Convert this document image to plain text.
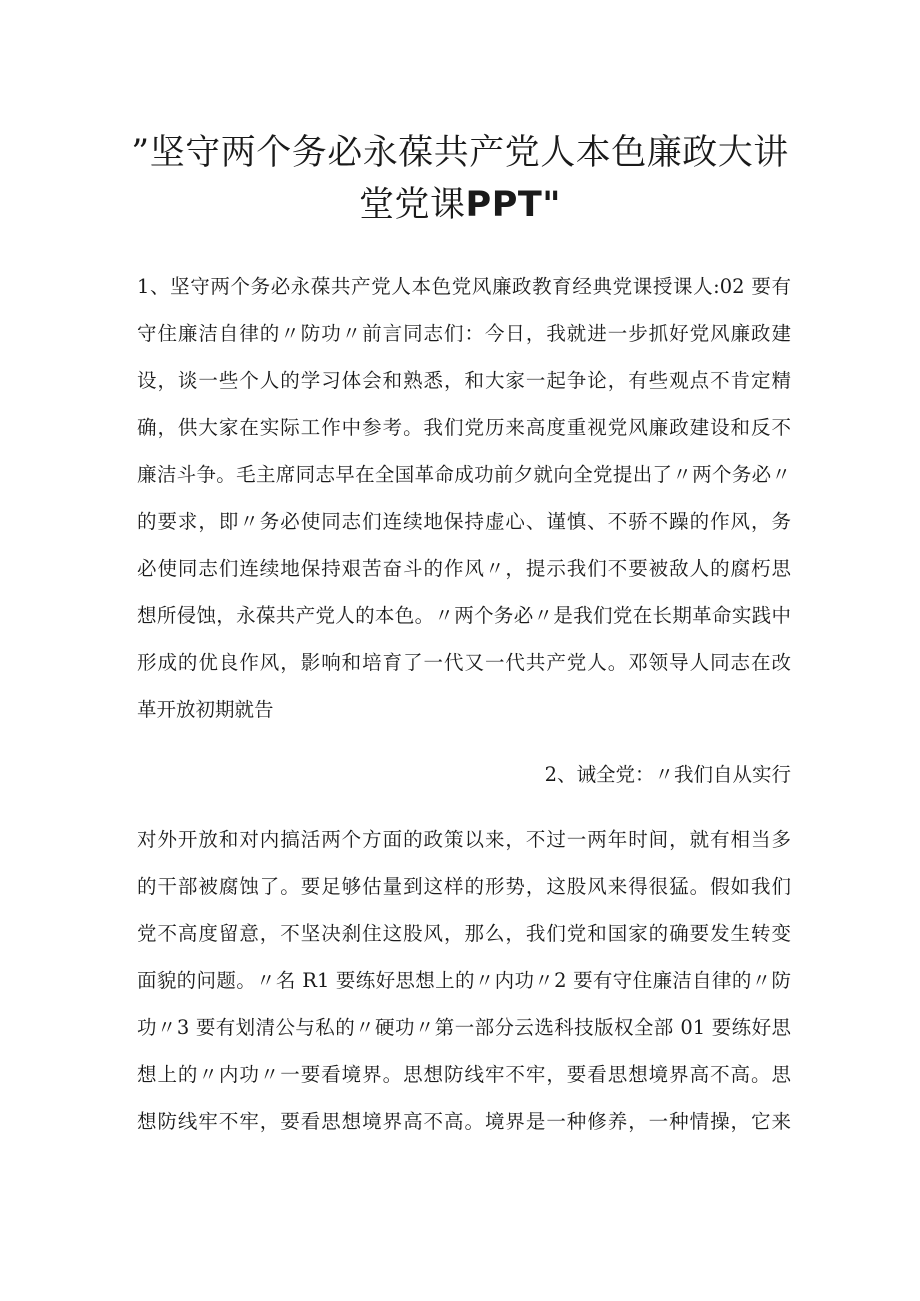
”坚守两个务必永葆共产党人本色廉政大讲
堂党课PPT"
1、坚守两个务必永葆共产党人本色党风廉政教育经典党课授课人:02 要有
守住廉洁自律的〃防功〃前言同志们：今日，我就进一步抓好党风廉政建
设，谈一些个人的学习体会和熟悉，和大家一起争论，有些观点不肯定精
确，供大家在实际工作中参考。我们党历来高度重视党风廉政建设和反不
廉洁斗争。毛主席同志早在全国革命成功前夕就向全党提出了〃两个务必〃
的要求，即〃务必使同志们连续地保持虚心、谨慎、不骄不躁的作风，务
必使同志们连续地保持艰苦奋斗的作风〃，提示我们不要被敌人的腐朽思
想所侵蚀，永葆共产党人的本色。〃两个务必〃是我们党在长期革命实践中
形成的优良作风，影响和培育了一代又一代共产党人。邓领导人同志在改
革开放初期就告
2、诫全党：〃我们自从实行
对外开放和对内搞活两个方面的政策以来，不过一两年时间，就有相当多
的干部被腐蚀了。要足够估量到这样的形势，这股风来得很猛。假如我们
党不高度留意，不坚决刹住这股风，那么，我们党和国家的确要发生转变
面貌的问题。〃名 R1 要练好思想上的〃内功〃2 要有守住廉洁自律的〃防
功〃3 要有划清公与私的〃硬功〃第一部分云选科技版权全部 01 要练好思
想上的〃内功〃一要看境界。思想防线牢不牢，要看思想境界高不高。思
想防线牢不牢，要看思想境界高不高。境界是一种修养，一种情操，它来
